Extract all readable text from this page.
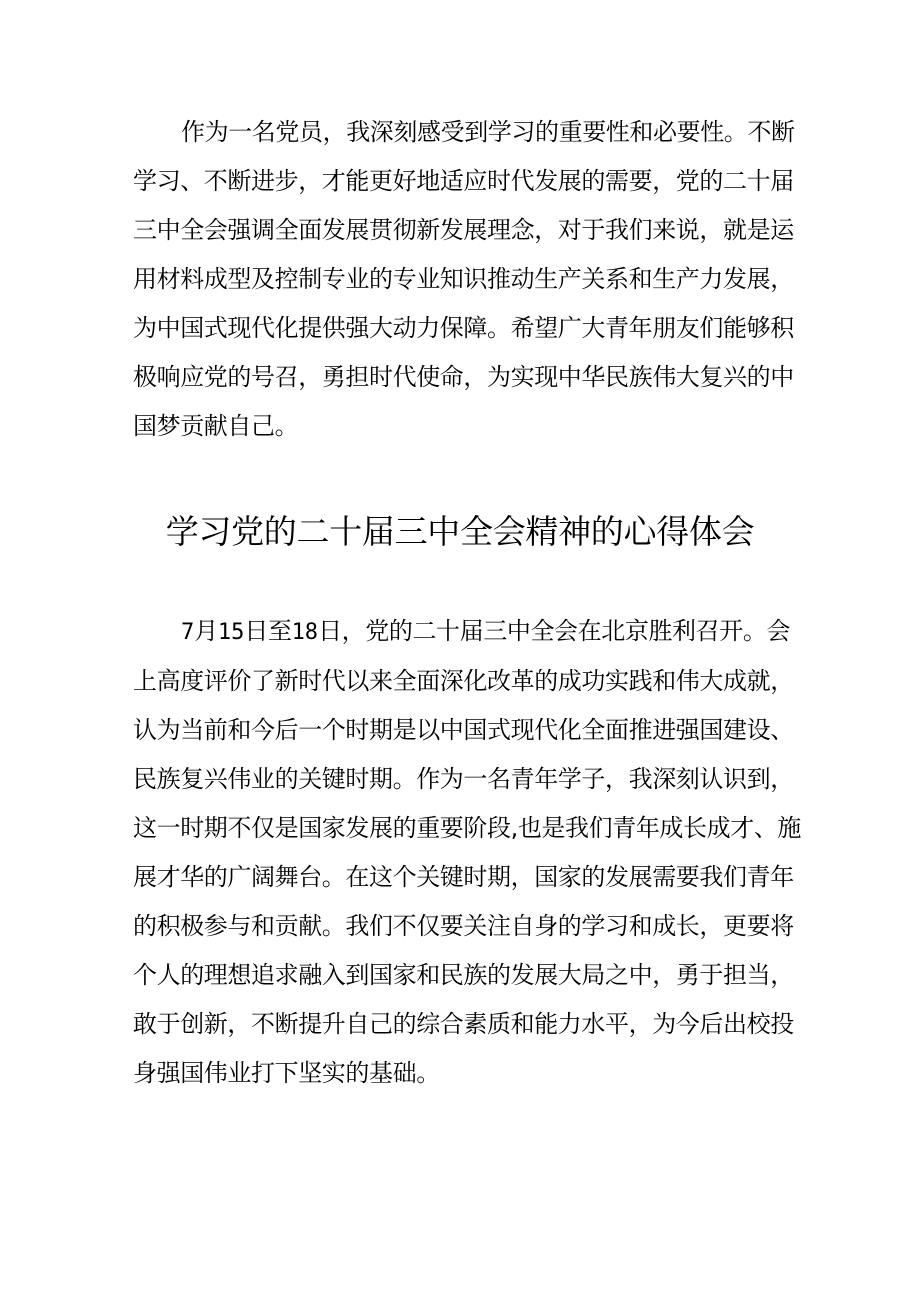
作为一名党员，我深刻感受到学习的重要性和必要性。不断
学习、不断进步，才能更好地适应时代发展的需要，党的二十届
三中全会强调全面发展贯彻新发展理念，对于我们来说，就是运
用材料成型及控制专业的专业知识推动生产关系和生产力发展，
为中国式现代化提供强大动力保障。希望广大青年朋友们能够积
极响应党的号召，勇担时代使命，为实现中华民族伟大复兴的中
国梦贡献自己。

学习党的二十届三中全会精神的心得体会

7月15日至18日，党的二十届三中全会在北京胜利召开。会
上高度评价了新时代以来全面深化改革的成功实践和伟大成就，
认为当前和今后一个时期是以中国式现代化全面推进强国建设、
民族复兴伟业的关键时期。作为一名青年学子，我深刻认识到，
这一时期不仅是国家发展的重要阶段,也是我们青年成长成才、施
展才华的广阔舞台。在这个关键时期，国家的发展需要我们青年
的积极参与和贡献。我们不仅要关注自身的学习和成长，更要将
个人的理想追求融入到国家和民族的发展大局之中，勇于担当，
敢于创新，不断提升自己的综合素质和能力水平，为今后出校投
身强国伟业打下坚实的基础。
